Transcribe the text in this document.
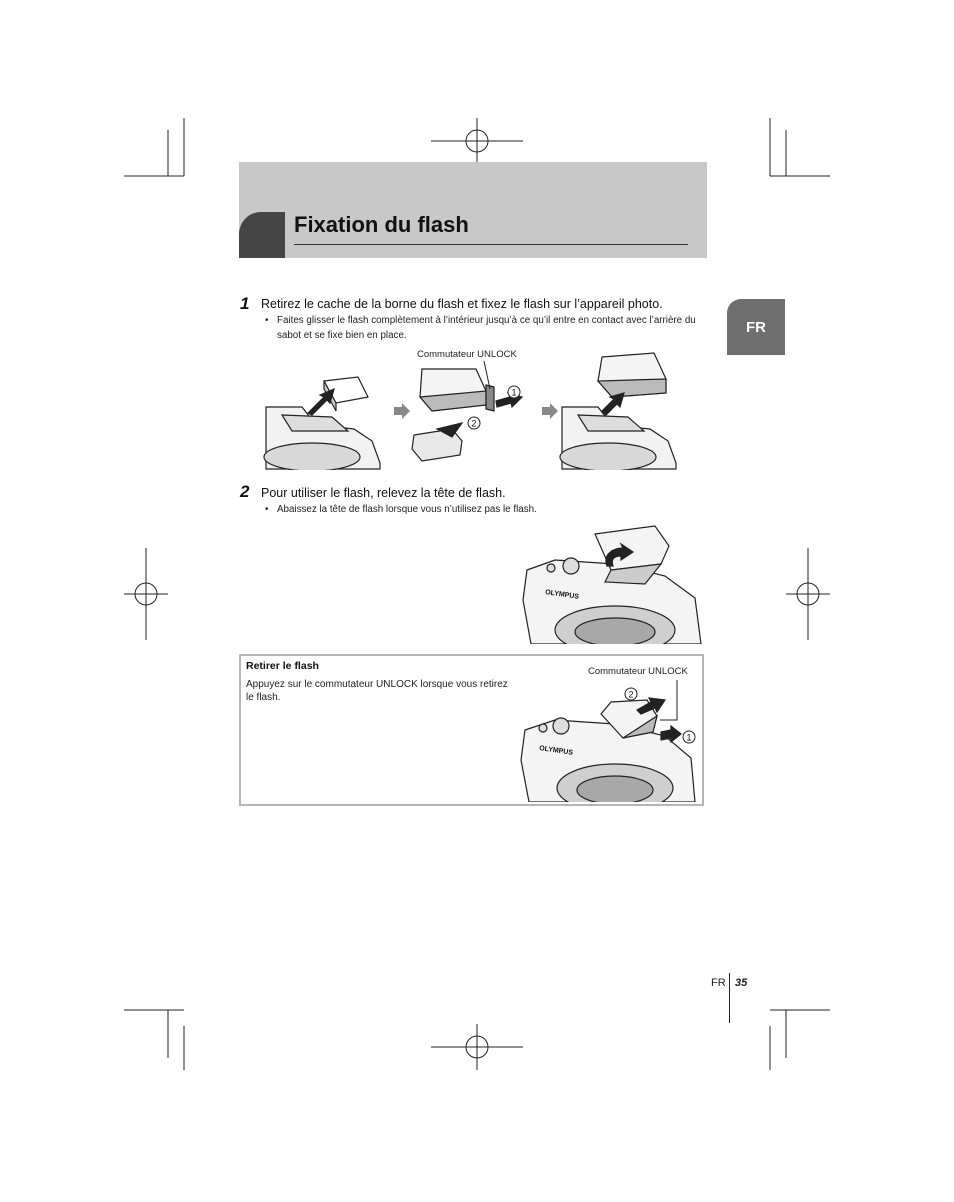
Fixation du flash
FR
1 Retirez le cache de la borne du flash et fixez le flash sur l’appareil photo.
• Faites glisser le flash complètement à l’intérieur jusqu’à ce qu’il entre en contact avec l’arrière du sabot et se fixe bien en place.
1
2
Commutateur UNLOCK
2 Pour utiliser le flash, relevez la tête de flash.
• Abaissez la tête de flash lorsque vous n’utilisez pas le flash.
OLYMPUS
Retirer le flash
Appuyez sur le commutateur UNLOCK lorsque vous retirez le flash.
Commutateur UNLOCK
2
1
OLYMPUS
FR 35
